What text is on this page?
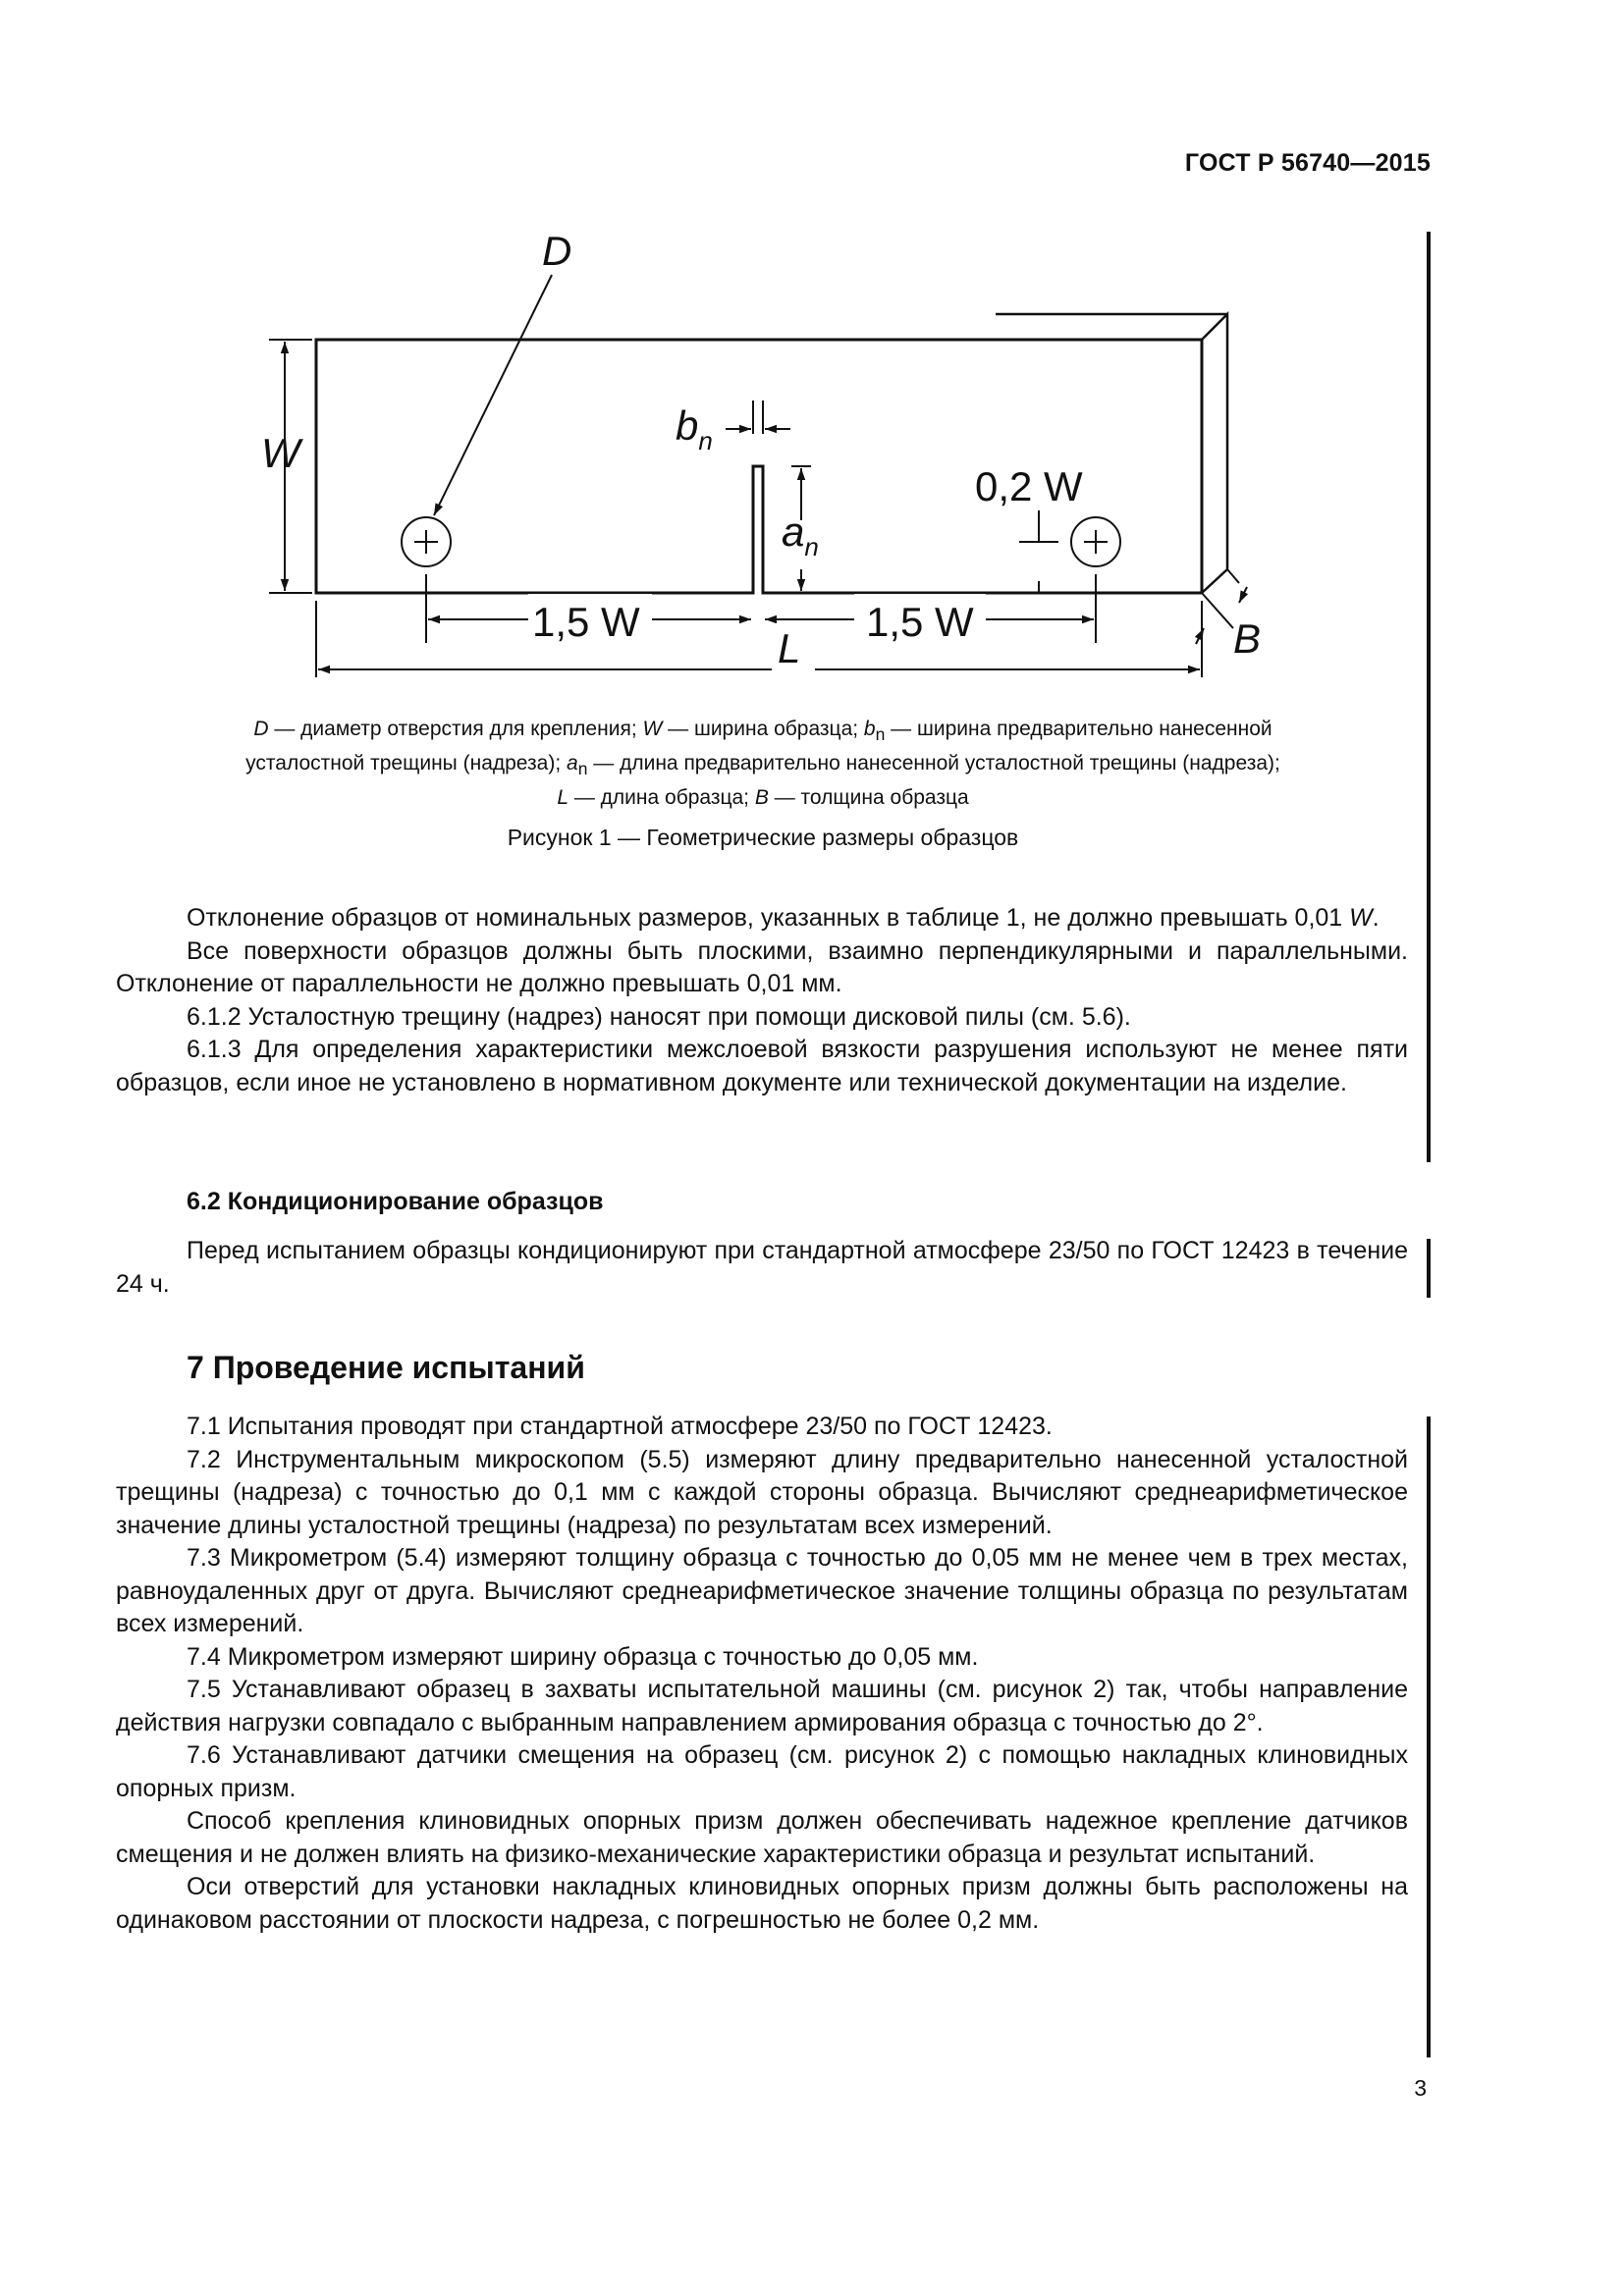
ГОСТ Р 56740—2015
D
W
$b_n$
$a_n$
0,2 W
1,5 W	1,5 W
L	B
D — диаметр отверстия для крепления; W — ширина образца; $b_n$ — ширина предварительно нанесенной
усталостной трещины (надреза); $a_n$ — длина предварительно нанесенной усталостной трещины (надреза);
L — длина образца; B — толщина образца
Рисунок 1 — Геометрические размеры образцов

Отклонение образцов от номинальных размеров, указанных в таблице 1, не должно превышать 0,01 W.

Все поверхности образцов должны быть плоскими, взаимно перпендикулярными и параллельными. Отклонение от параллельности не должно превышать 0,01 мм.

6.1.2 Усталостную трещину (надрез) наносят при помощи дисковой пилы (см. 5.6).

6.1.3 Для определения характеристики межслоевой вязкости разрушения используют не менее пяти образцов, если иное не установлено в нормативном документе или технической документации на изделие.

6.2 Кондиционирование образцов

Перед испытанием образцы кондиционируют при стандартной атмосфере 23/50 по ГОСТ 12423 в течение 24 ч.

7 Проведение испытаний

7.1 Испытания проводят при стандартной атмосфере 23/50 по ГОСТ 12423.

7.2 Инструментальным микроскопом (5.5) измеряют длину предварительно нанесенной усталостной трещины (надреза) с точностью до 0,1 мм с каждой стороны образца. Вычисляют среднеарифметическое значение длины усталостной трещины (надреза) по результатам всех измерений.

7.3 Микрометром (5.4) измеряют толщину образца с точностью до 0,05 мм не менее чем в трех местах, равноудаленных друг от друга. Вычисляют среднеарифметическое значение толщины образца по результатам всех измерений.

7.4 Микрометром измеряют ширину образца с точностью до 0,05 мм.

7.5 Устанавливают образец в захваты испытательной машины (см. рисунок 2) так, чтобы направление действия нагрузки совпадало с выбранным направлением армирования образца с точностью до 2°.

7.6 Устанавливают датчики смещения на образец (см. рисунок 2) с помощью накладных клиновидных опорных призм.

Способ крепления клиновидных опорных призм должен обеспечивать надежное крепление датчиков смещения и не должен влиять на физико-механические характеристики образца и результат испытаний.

Оси отверстий для установки накладных клиновидных опорных призм должны быть расположены на одинаковом расстоянии от плоскости надреза, с погрешностью не более 0,2 мм.

3
